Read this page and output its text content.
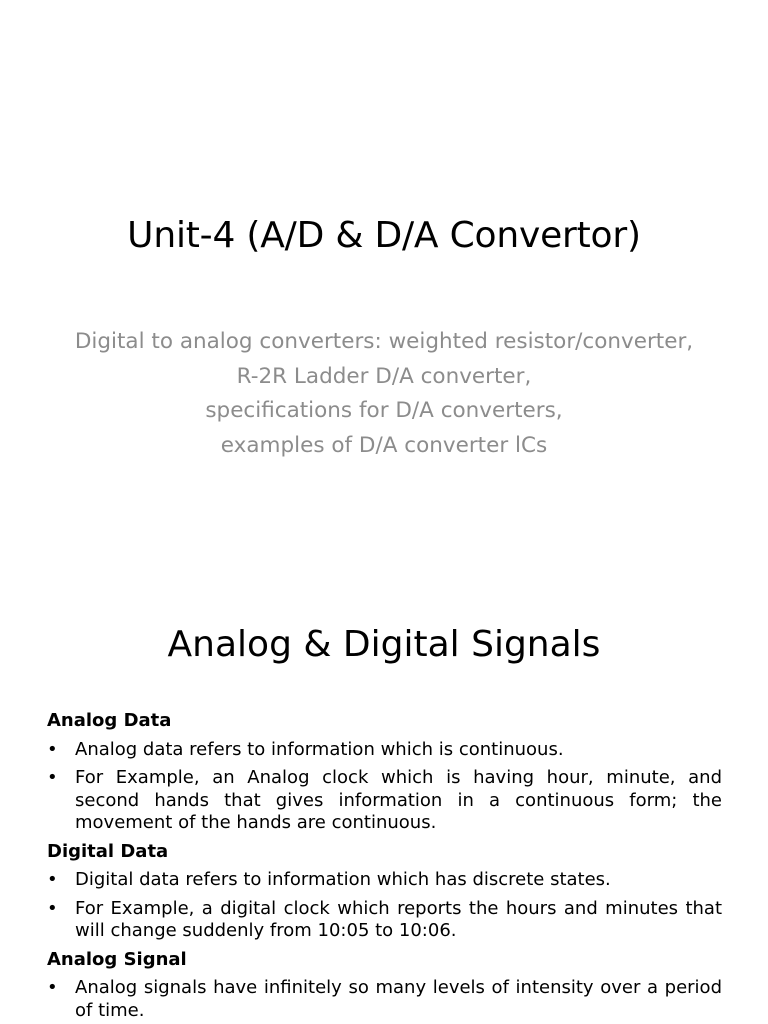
Unit-4 (A/D & D/A Convertor)
Digital to analog converters: weighted resistor/converter,
R-2R Ladder D/A converter,
specifications for D/A converters,
examples of D/A converter lCs
Analog & Digital Signals
Analog Data
• Analog data refers to information which is continuous.
• For Example, an Analog clock which is having hour, minute, and second hands that gives information in a continuous form; the movement of the hands are continuous.
Digital Data
• Digital data refers to information which has discrete states.
• For Example, a digital clock which reports the hours and minutes that will change suddenly from 10:05 to 10:06.
Analog Signal
• Analog signals have infinitely so many levels of intensity over a period of time.
